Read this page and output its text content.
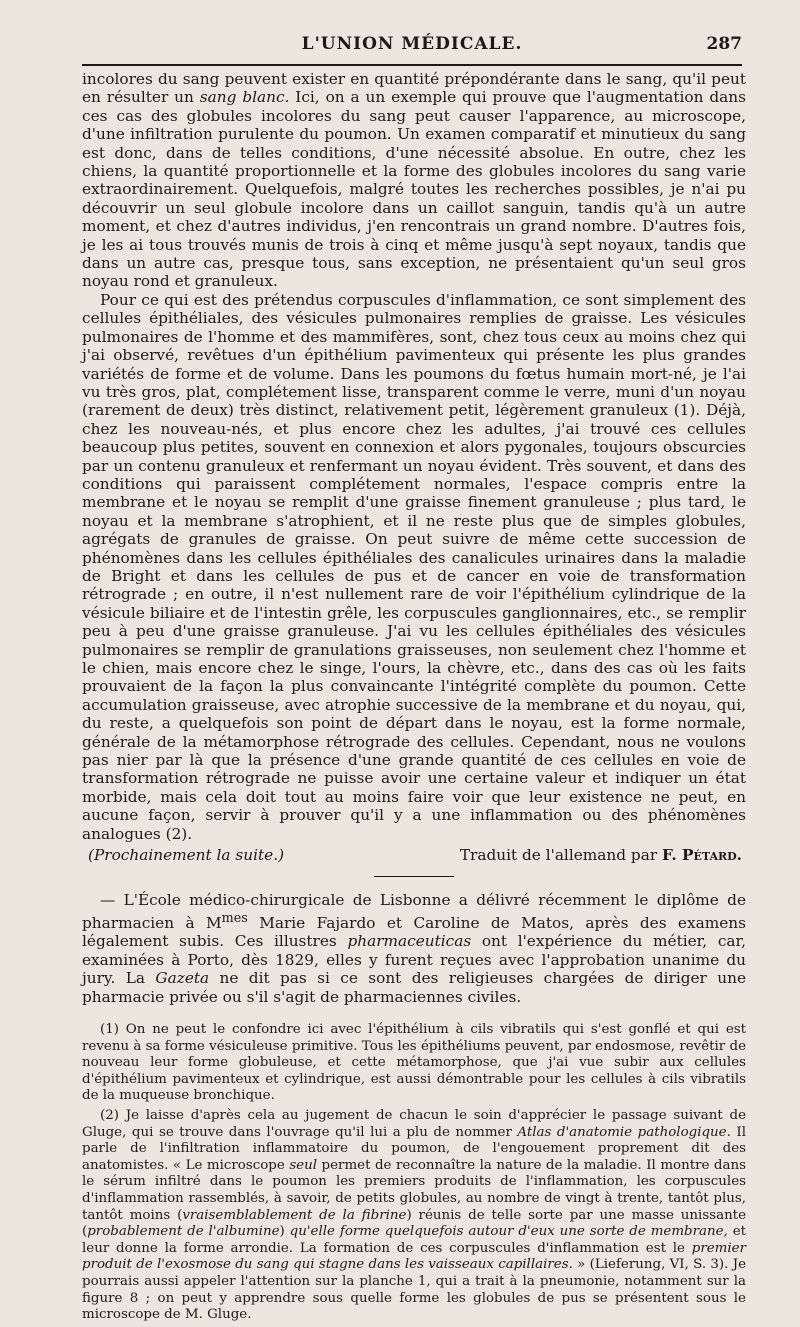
L'UNION MÉDICALE.	287

incolores du sang peuvent exister en quantité prépondérante dans le sang, qu'il peut en résulter un sang blanc. Ici, on a un exemple qui prouve que l'augmentation dans ces cas des globules incolores du sang peut causer l'apparence, au microscope, d'une infiltration purulente du poumon. Un examen comparatif et minutieux du sang est donc, dans de telles conditions, d'une nécessité absolue. En outre, chez les chiens, la quantité proportionnelle et la forme des globules incolores du sang varie extraordinairement. Quelquefois, malgré toutes les recherches possibles, je n'ai pu découvrir un seul globule incolore dans un caillot sanguin, tandis qu'à un autre moment, et chez d'autres individus, j'en rencontrais un grand nombre. D'autres fois, je les ai tous trouvés munis de trois à cinq et même jusqu'à sept noyaux, tandis que dans un autre cas, presque tous, sans exception, ne présentaient qu'un seul gros noyau rond et granuleux.

Pour ce qui est des prétendus corpuscules d'inflammation, ce sont simplement des cellules épithéliales, des vésicules pulmonaires remplies de graisse. Les vésicules pulmonaires de l'homme et des mammifères, sont, chez tous ceux au moins chez qui j'ai observé, revêtues d'un épithélium pavimenteux qui présente les plus grandes variétés de forme et de volume. Dans les poumons du fœtus humain mort-né, je l'ai vu très gros, plat, complétement lisse, transparent comme le verre, muni d'un noyau (rarement de deux) très distinct, relativement petit, légèrement granuleux (1). Déjà, chez les nouveau-nés, et plus encore chez les adultes, j'ai trouvé ces cellules beaucoup plus petites, souvent en connexion et alors pygonales, toujours obscurcies par un contenu granuleux et renfermant un noyau évident. Très souvent, et dans des conditions qui paraissent complétement normales, l'espace compris entre la membrane et le noyau se remplit d'une graisse finement granuleuse ; plus tard, le noyau et la membrane s'atrophient, et il ne reste plus que de simples globules, agrégats de granules de graisse. On peut suivre de même cette succession de phénomènes dans les cellules épithéliales des canalicules urinaires dans la maladie de Bright et dans les cellules de pus et de cancer en voie de transformation rétrograde ; en outre, il n'est nullement rare de voir l'épithélium cylindrique de la vésicule biliaire et de l'intestin grêle, les corpuscules ganglionnaires, etc., se remplir peu à peu d'une graisse granuleuse. J'ai vu les cellules épithéliales des vésicules pulmonaires se remplir de granulations graisseuses, non seulement chez l'homme et le chien, mais encore chez le singe, l'ours, la chèvre, etc., dans des cas où les faits prouvaient de la façon la plus convaincante l'intégrité complète du poumon. Cette accumulation graisseuse, avec atrophie successive de la membrane et du noyau, qui, du reste, a quelquefois son point de départ dans le noyau, est la forme normale, générale de la métamorphose rétrograde des cellules. Cependant, nous ne voulons pas nier par là que la présence d'une grande quantité de ces cellules en voie de transformation rétrograde ne puisse avoir une certaine valeur et indiquer un état morbide, mais cela doit tout au moins faire voir que leur existence ne peut, en aucune façon, servir à prouver qu'il y a une inflammation ou des phénomènes analogues (2).

(Prochainement la suite.)	Traduit de l'allemand par F. Pétard.

— L'École médico-chirurgicale de Lisbonne a délivré récemment le diplôme de pharmacien à $M^{mes}$ Marie Fajardo et Caroline de Matos, après des examens légalement subis. Ces illustres pharmaceuticas ont l'expérience du métier, car, examinées à Porto, dès 1829, elles y furent reçues avec l'approbation unanime du jury. La Gazeta ne dit pas si ce sont des religieuses chargées de diriger une pharmacie privée ou s'il s'agit de pharmaciennes civiles.

(1) On ne peut le confondre ici avec l'épithélium à cils vibratils qui s'est gonflé et qui est revenu à sa forme vésiculeuse primitive. Tous les épithéliums peuvent, par endosmose, revêtir de nouveau leur forme globuleuse, et cette métamorphose, que j'ai vue subir aux cellules d'épithélium pavimenteux et cylindrique, est aussi démontrable pour les cellules à cils vibratils de la muqueuse bronchique.

(2) Je laisse d'après cela au jugement de chacun le soin d'apprécier le passage suivant de Gluge, qui se trouve dans l'ouvrage qu'il lui a plu de nommer Atlas d'anatomie pathologique. Il parle de l'infiltration inflammatoire du poumon, de l'engouement proprement dit des anatomistes. « Le microscope seul permet de reconnaître la nature de la maladie. Il montre dans le sérum infiltré dans le poumon les premiers produits de l'inflammation, les corpuscules d'inflammation rassemblés, à savoir, de petits globules, au nombre de vingt à trente, tantôt plus, tantôt moins (vraisemblablement de la fibrine) réunis de telle sorte par une masse unissante (probablement de l'albumine) qu'elle forme quelquefois autour d'eux une sorte de membrane, et leur donne la forme arrondie. La formation de ces corpuscules d'inflammation est le premier produit de l'exosmose du sang qui stagne dans les vaisseaux capillaires. » (Lieferung, VI, S. 3). Je pourrais aussi appeler l'attention sur la planche 1, qui a trait à la pneumonie, notamment sur la figure 8 ; on peut y apprendre sous quelle forme les globules de pus se présentent sous le microscope de M. Gluge.
